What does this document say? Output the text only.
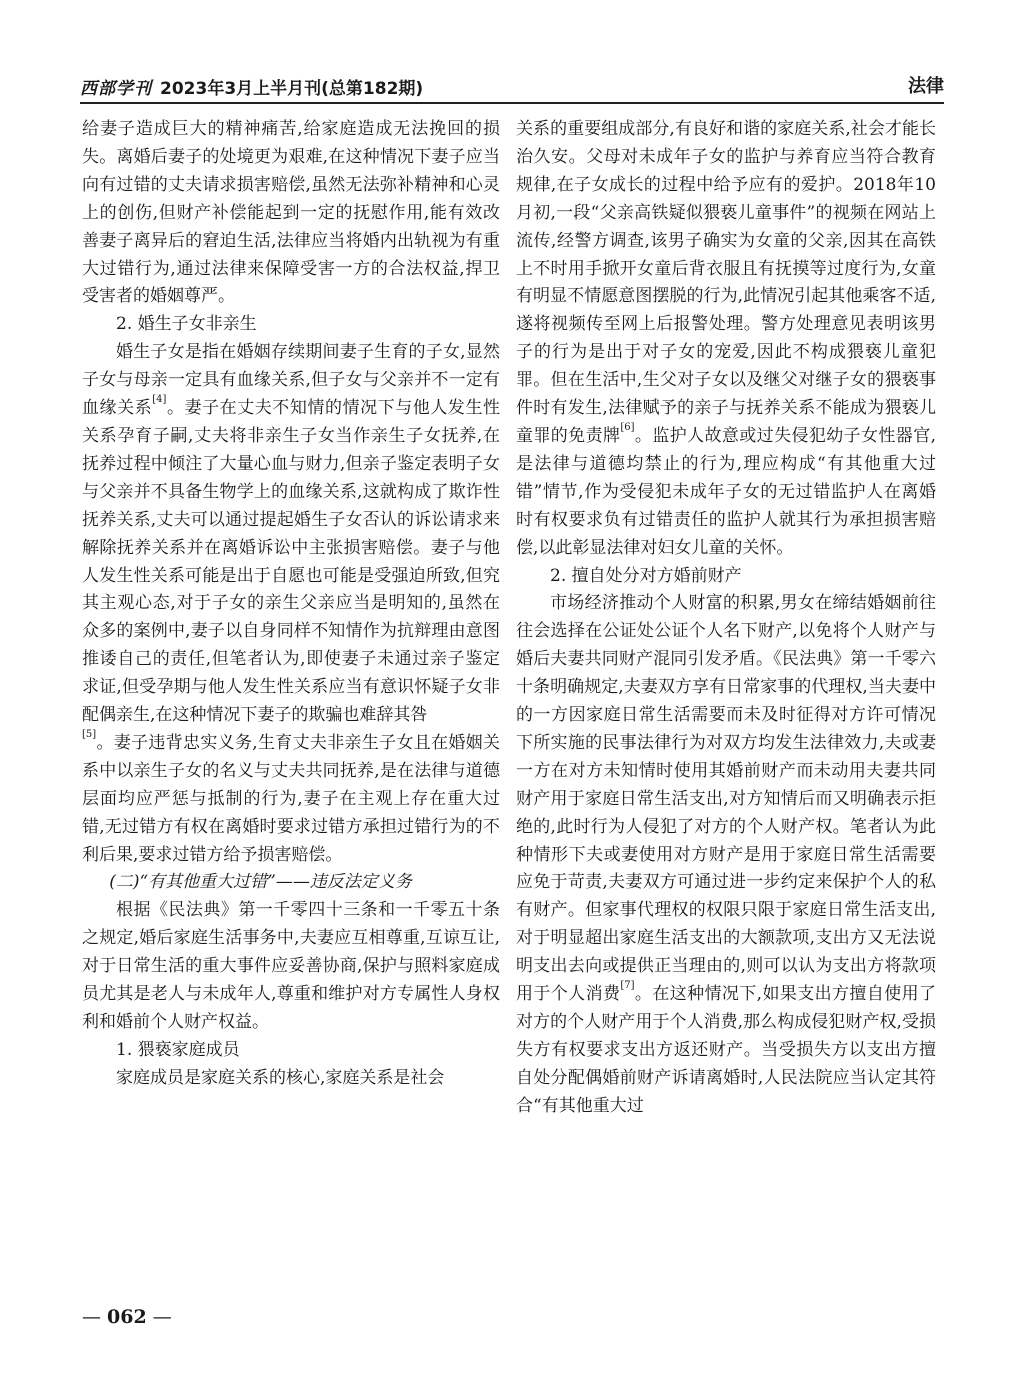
西部学刊 2023年3月上半月刊(总第182期)	法律

给妻子造成巨大的精神痛苦,给家庭造成无法挽回的损失。离婚后妻子的处境更为艰难,在这种情况下妻子应当向有过错的丈夫请求损害赔偿,虽然无法弥补精神和心灵上的创伤,但财产补偿能起到一定的抚慰作用,能有效改善妻子离异后的窘迫生活,法律应当将婚内出轨视为有重大过错行为,通过法律来保障受害一方的合法权益,捍卫受害者的婚姻尊严。

2. 婚生子女非亲生

婚生子女是指在婚姻存续期间妻子生育的子女,显然子女与母亲一定具有血缘关系,但子女与父亲并不一定有血缘关系[4]。妻子在丈夫不知情的情况下与他人发生性关系孕育子嗣,丈夫将非亲生子女当作亲生子女抚养,在抚养过程中倾注了大量心血与财力,但亲子鉴定表明子女与父亲并不具备生物学上的血缘关系,这就构成了欺诈性抚养关系,丈夫可以通过提起婚生子女否认的诉讼请求来解除抚养关系并在离婚诉讼中主张损害赔偿。妻子与他人发生性关系可能是出于自愿也可能是受强迫所致,但究其主观心态,对于子女的亲生父亲应当是明知的,虽然在众多的案例中,妻子以自身同样不知情作为抗辩理由意图推诿自己的责任,但笔者认为,即使妻子未通过亲子鉴定求证,但受孕期与他人发生性关系应当有意识怀疑子女非配偶亲生,在这种情况下妻子的欺骗也难辞其咎

[5]。妻子违背忠实义务,生育丈夫非亲生子女且在婚姻关系中以亲生子女的名义与丈夫共同抚养,是在法律与道德层面均应严惩与抵制的行为,妻子在主观上存在重大过错,无过错方有权在离婚时要求过错方承担过错行为的不利后果,要求过错方给予损害赔偿。

(二)“有其他重大过错”——违反法定义务

根据《民法典》第一千零四十三条和一千零五十条之规定,婚后家庭生活事务中,夫妻应互相尊重,互谅互让,对于日常生活的重大事件应妥善协商,保护与照料家庭成员尤其是老人与未成年人,尊重和维护对方专属性人身权利和婚前个人财产权益。

1. 猥亵家庭成员

家庭成员是家庭关系的核心,家庭关系是社会

关系的重要组成部分,有良好和谐的家庭关系,社会才能长治久安。父母对未成年子女的监护与养育应当符合教育规律,在子女成长的过程中给予应有的爱护。2018年10月初,一段“父亲高铁疑似猥亵儿童事件”的视频在网站上流传,经警方调查,该男子确实为女童的父亲,因其在高铁上不时用手掀开女童后背衣服且有抚摸等过度行为,女童有明显不情愿意图摆脱的行为,此情况引起其他乘客不适,遂将视频传至网上后报警处理。警方处理意见表明该男子的行为是出于对子女的宠爱,因此不构成猥亵儿童犯罪。但在生活中,生父对子女以及继父对继子女的猥亵事件时有发生,法律赋予的亲子与抚养关系不能成为猥亵儿童罪的免责牌[6]。监护人故意或过失侵犯幼子女性器官,是法律与道德均禁止的行为,理应构成“有其他重大过错”情节,作为受侵犯未成年子女的无过错监护人在离婚时有权要求负有过错责任的监护人就其行为承担损害赔偿,以此彰显法律对妇女儿童的关怀。

2. 擅自处分对方婚前财产

市场经济推动个人财富的积累,男女在缔结婚姻前往往会选择在公证处公证个人名下财产,以免将个人财产与婚后夫妻共同财产混同引发矛盾。《民法典》第一千零六十条明确规定,夫妻双方享有日常家事的代理权,当夫妻中的一方因家庭日常生活需要而未及时征得对方许可情况下所实施的民事法律行为对双方均发生法律效力,夫或妻一方在对方未知情时使用其婚前财产而未动用夫妻共同财产用于家庭日常生活支出,对方知情后而又明确表示拒绝的,此时行为人侵犯了对方的个人财产权。笔者认为此种情形下夫或妻使用对方财产是用于家庭日常生活需要应免于苛责,夫妻双方可通过进一步约定来保护个人的私有财产。但家事代理权的权限只限于家庭日常生活支出,对于明显超出家庭生活支出的大额款项,支出方又无法说明支出去向或提供正当理由的,则可以认为支出方将款项用于个人消费[7]。在这种情况下,如果支出方擅自使用了对方的个人财产用于个人消费,那么构成侵犯财产权,受损失方有权要求支出方返还财产。当受损失方以支出方擅自处分配偶婚前财产诉请离婚时,人民法院应当认定其符合“有其他重大过

— 062 —
